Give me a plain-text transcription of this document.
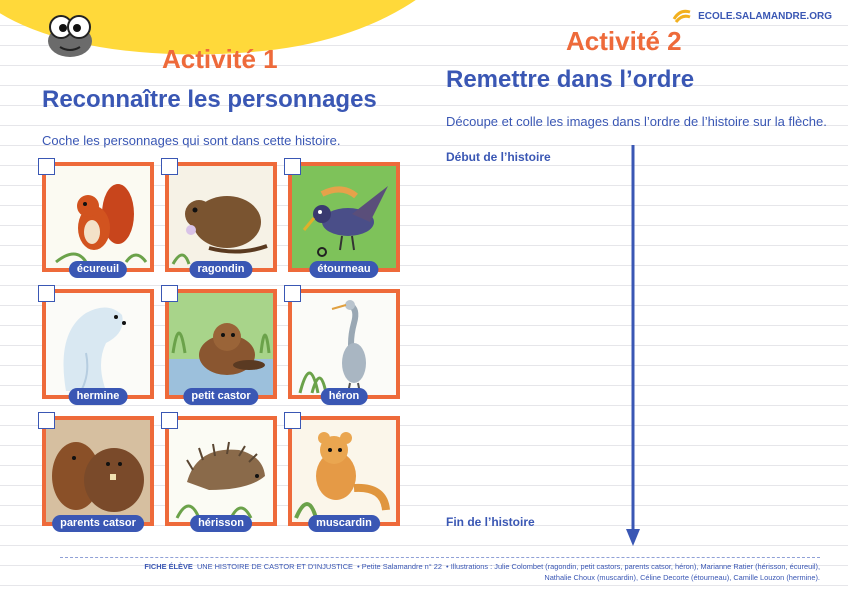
ECOLE.SALAMANDRE.ORG
Activité 1
Reconnaître les personnages
Coche les personnages qui sont dans cette histoire.
écureuil	ragondin	étourneau
hermine	petit castor	héron
parents catsor	hérisson	muscardin
Activité 2
Remettre dans l’ordre
Découpe et colle les images dans l’ordre de l’histoire sur la flèche.
Début de l’histoire
Fin de l’histoire
FICHE ÉLÈVE UNE HISTOIRE DE CASTOR ET D’INJUSTICE  • Petite Salamandre n° 22  • Illustrations : Julie Colombet (ragondin, petit castors, parents catsor, héron), Marianne Ratier (hérisson, écureuil),
Nathalie Choux (muscardin), Céline Decorte (étourneau), Camille Louzon (hermine).
